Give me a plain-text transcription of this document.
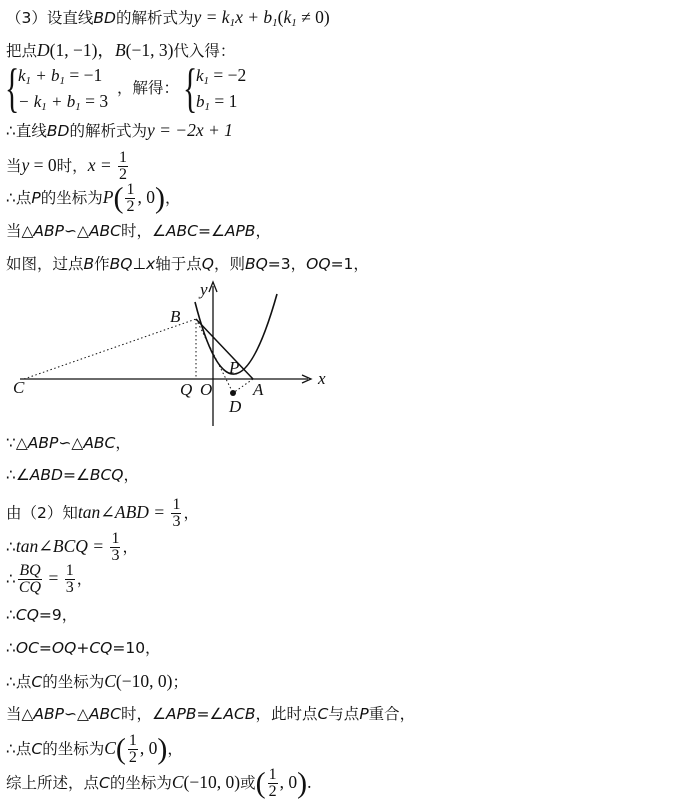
（3）设直线BD的解析式为$y = k_1x + b_1(k_1 \ne 0)$
把点D(1, −1)，B(−1, 3)代入得：
{
$k_1 + b_1 = -1$
− $k_1 + b_1 = 3$
，解得： {
$k_1 = -2$
$b_1 = 1$
∴直线BD的解析式为y = −2x + 1
当y = 0时，$x = \frac{1}{2}$
∴点P的坐标为$P( \frac{1}{2}$ , 0)，
当△ABP∽△ABC时，∠ABC=∠APB，
如图，过点B作BQ⊥x轴于点Q，则BQ=3，OQ=1，
y
x
B
C	Q O
P
A
D
∵△ABP∽△ABC，
∴∠ABD=∠BCQ，
由（2）知tan∠ABD = $\frac{1}{3}$ ，
∴tan∠BCQ = $\frac{1}{3}$ ，
∴ $\frac{BQ}{CQ} = \frac{1}{3}$ ，
∴CQ=9，
∴OC=OQ+CQ=10，
∴点C的坐标为C(−10, 0)；
当△ABP∽△ABC时，∠APB=∠ACB，此时点C与点P重合，
∴点C的坐标为$C( \frac{1}{2}$ , 0)，
综上所述，点C的坐标为C(−10, 0)或( $\frac{1}{2}$ , 0).
